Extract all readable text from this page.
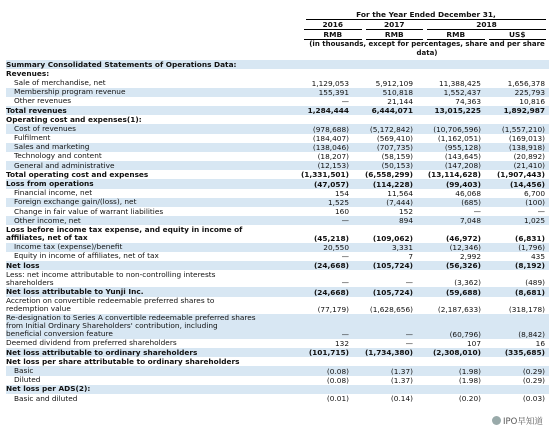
For the Year Ended December 31,
2016	2017	2018
RMB	RMB	RMB	US$
(in thousands, except for percentages, share and per share data)
Summary Consolidated Statements of Operations Data:
Revenues:
Sale of merchandise, net	1,129,053	5,912,109	11,388,425	1,656,378
Membership program revenue	155,391	510,818	1,552,437	225,793
Other revenues	—	21,144	74,363	10,816
Total revenues	1,284,444	6,444,071	13,015,225	1,892,987
Operating cost and expenses(1):
Cost of revenues	(978,688)	(5,172,842)	(10,706,596)	(1,557,210)
Fulfilment	(184,407)	(569,410)	(1,162,051)	(169,013)
Sales and marketing	(138,046)	(707,735)	(955,128)	(138,918)
Technology and content	(18,207)	(58,159)	(143,645)	(20,892)
General and administrative	(12,153)	(50,153)	(147,208)	(21,410)
Total operating cost and expenses	(1,331,501)	(6,558,299)	(13,114,628)	(1,907,443)
Loss from operations	(47,057)	(114,228)	(99,403)	(14,456)
Financial income, net	154	11,564	46,068	6,700
Foreign exchange gain/(loss), net	1,525	(7,444)	(685)	(100)
Change in fair value of warrant liabilities	160	152	—	—
Other income, net	—	894	7,048	1,025
Loss before income tax expense, and equity in income of
affiliates, net of tax	(45,218)	(109,062)	(46,972)	(6,831)
Income tax (expense)/benefit	20,550	3,331	(12,346)	(1,796)
Equity in income of affiliates, net of tax	—	7	2,992	435
Net loss	(24,668)	(105,724)	(56,326)	(8,192)
Less: net income attributable to non-controlling interests
shareholders	—	—	(3,362)	(489)
Net loss attributable to Yunji Inc.	(24,668)	(105,724)	(59,688)	(8,681)
Accretion on convertible redeemable preferred shares to
redemption value	(77,179)	(1,628,656)	(2,187,633)	(318,178)
Re-designation to Series A convertible redeemable preferred shares
from Initial Ordinary Shareholders' contribution, including
beneficial conversion feature	—	—	(60,796)	(8,842)
Deemed dividend from preferred shareholders	132	—	107	16
Net loss attributable to ordinary shareholders	(101,715)	(1,734,380)	(2,308,010)	(335,685)
Net loss per share attributable to ordinary shareholders
Basic	(0.08)	(1.37)	(1.98)	(0.29)
Diluted	(0.08)	(1.37)	(1.98)	(0.29)
Net loss per ADS(2):
Basic and diluted	(0.01)	(0.14)	(0.20)	(0.03)
IPO早知道
